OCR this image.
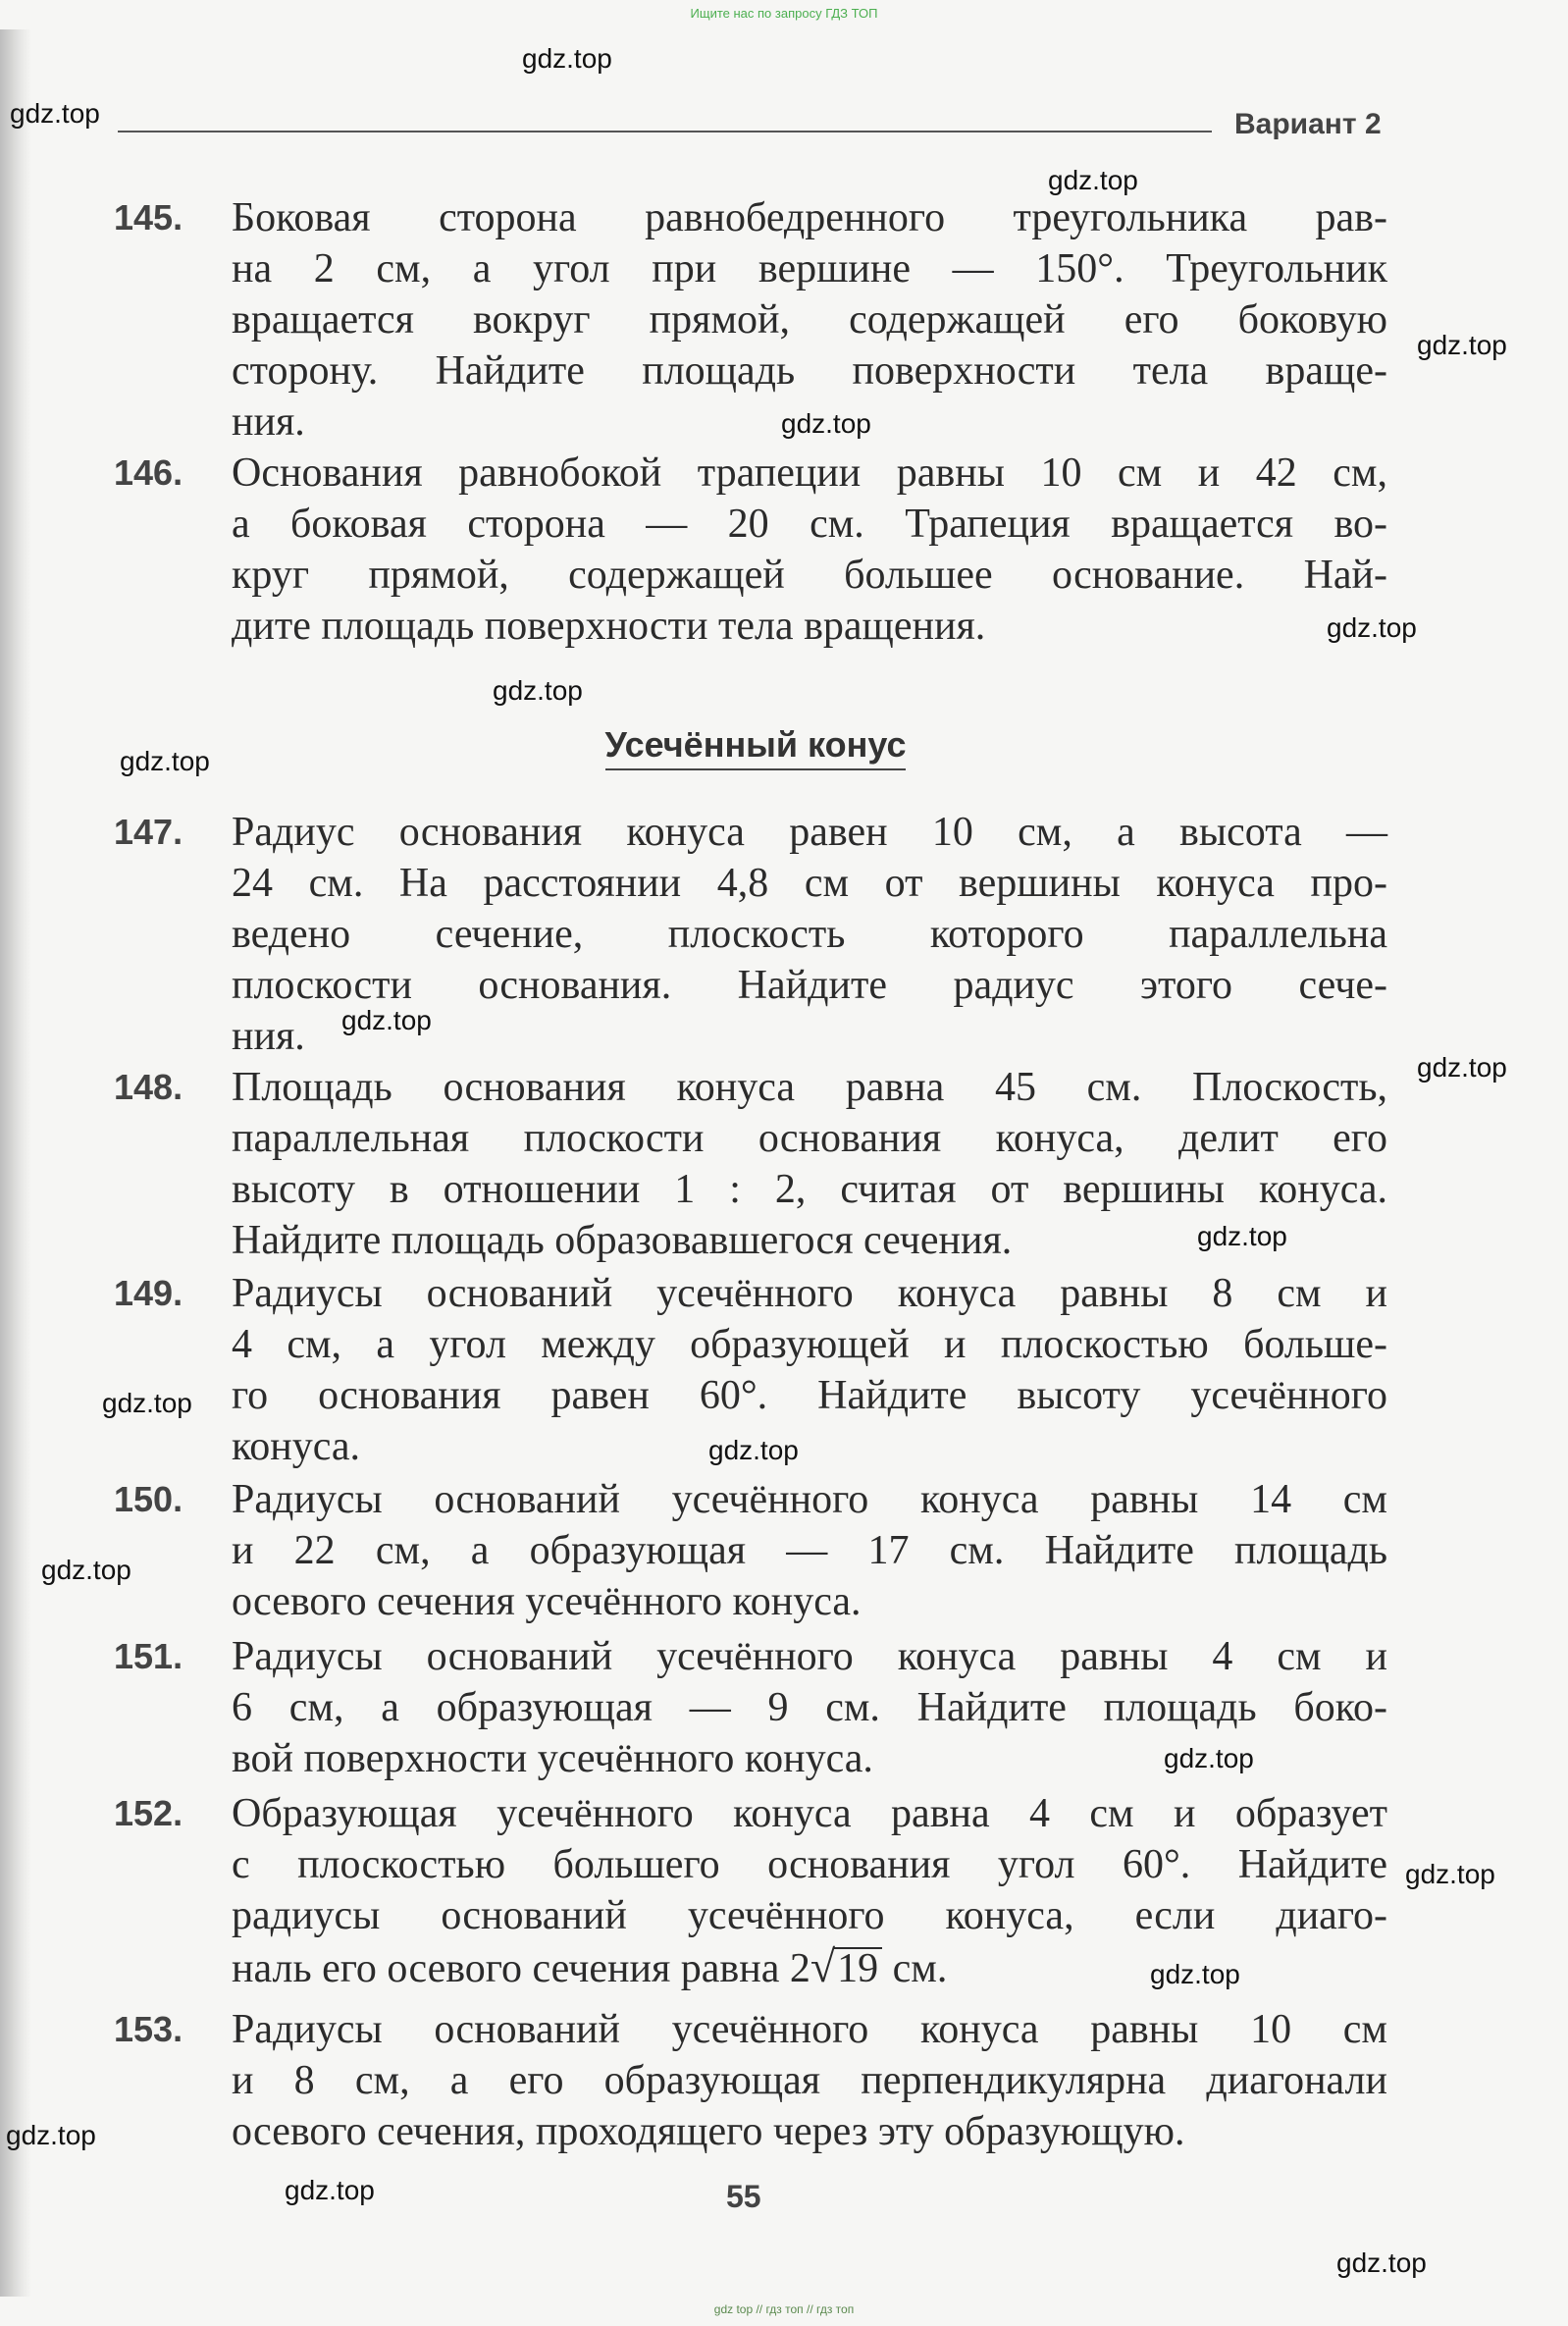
Ищите нас по запросу ГДЗ ТОП
Вариант 2
145. Боковая сторона равнобедренного треугольника рав-
на 2 см, а угол при вершине — 150°. Треугольник
вращается вокруг прямой, содержащей его боковую
сторону. Найдите площадь поверхности тела враще-
ния.
146. Основания равнобокой трапеции равны 10 см и 42 см,
а боковая сторона — 20 см. Трапеция вращается во-
круг прямой, содержащей большее основание. Най-
дите площадь поверхности тела вращения.
Усечённый конус
147. Радиус основания конуса равен 10 см, а высота —
24 см. На расстоянии 4,8 см от вершины конуса про-
ведено сечение, плоскость которого параллельна
плоскости основания. Найдите радиус этого сече-
ния.
148. Площадь основания конуса равна 45 см. Плоскость,
параллельная плоскости основания конуса, делит его
высоту в отношении 1 : 2, считая от вершины конуса.
Найдите площадь образовавшегося сечения.
149. Радиусы оснований усечённого конуса равны 8 см и
4 см, а угол между образующей и плоскостью больше-
го основания равен 60°. Найдите высоту усечённого
конуса.
150. Радиусы оснований усечённого конуса равны 14 см
и 22 см, а образующая — 17 см. Найдите площадь
осевого сечения усечённого конуса.
151. Радиусы оснований усечённого конуса равны 4 см и
6 см, а образующая — 9 см. Найдите площадь боко-
вой поверхности усечённого конуса.
152. Образующая усечённого конуса равна 4 см и образует
с плоскостью большего основания угол 60°. Найдите
радиусы оснований усечённого конуса, если диаго-
наль его осевого сечения равна 2√19 см.
153. Радиусы оснований усечённого конуса равны 10 см
и 8 см, а его образующая перпендикулярна диагонали
осевого сечения, проходящего через эту образующую.
55
gdz.top
gdz.top
gdz.top
gdz.top
gdz.top
gdz.top
gdz.top
gdz.top
gdz.top
gdz.top
gdz.top
gdz.top
gdz.top
gdz.top
gdz.top
gdz.top
gdz.top
gdz.top
gdz.top
gdz.top
gdz top // гдз топ // гдз топ
